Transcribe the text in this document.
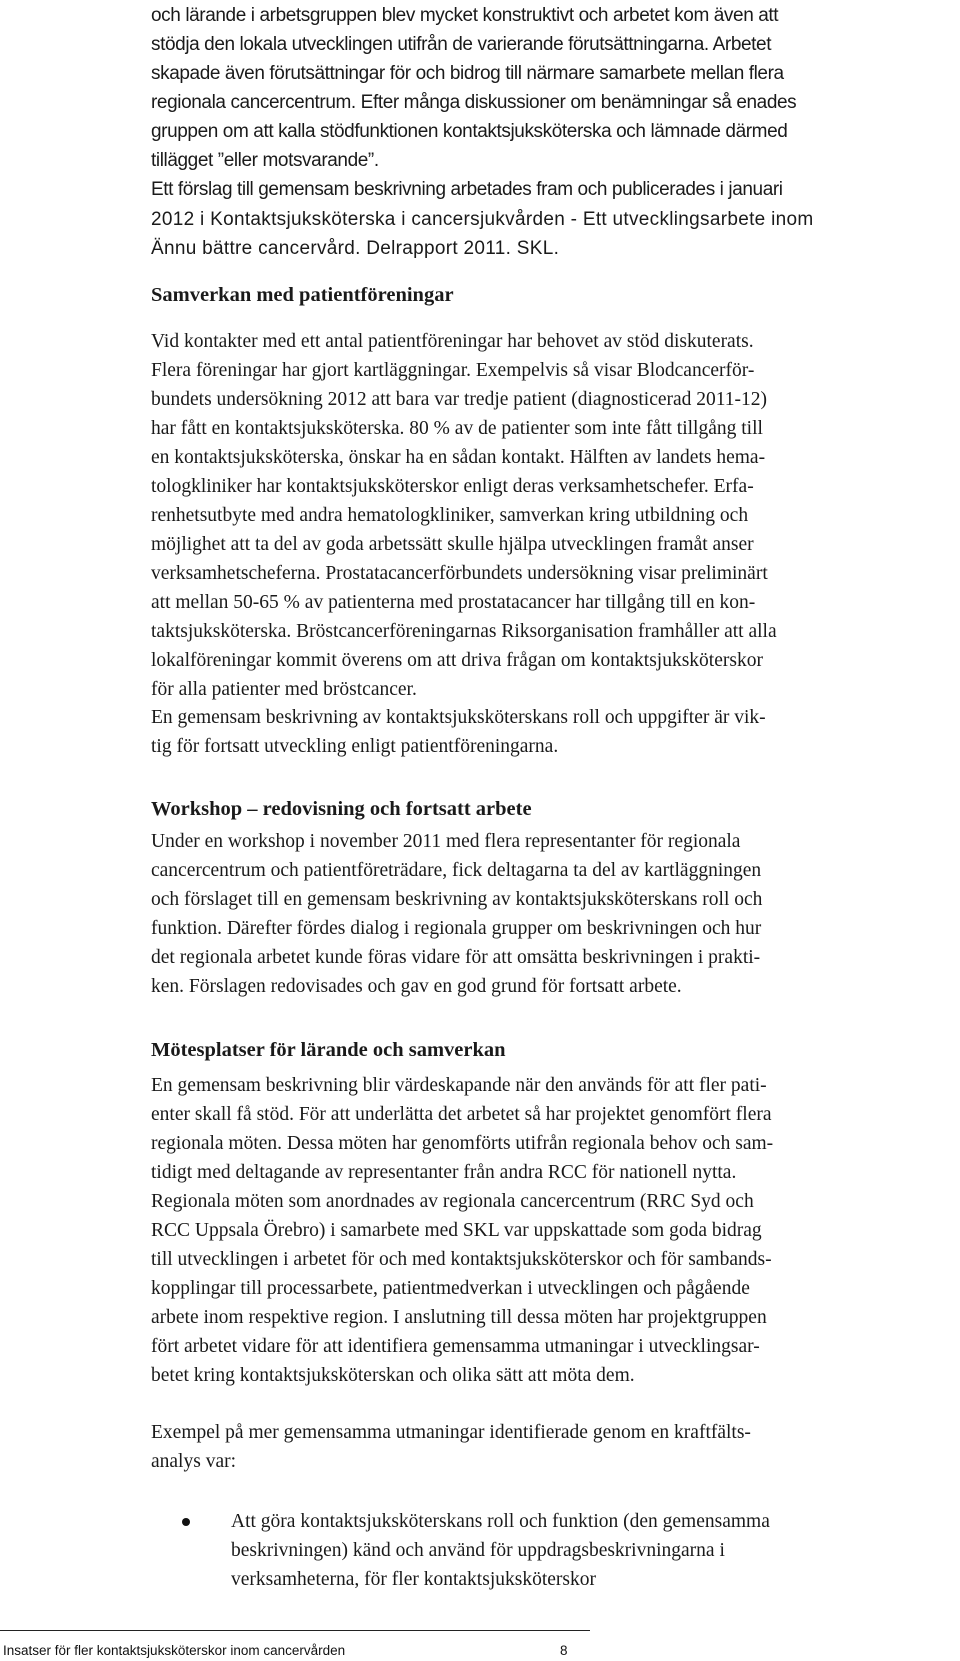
och lärande i arbetsgruppen blev mycket konstruktivt och arbetet kom även att

stödja den lokala utvecklingen utifrån de varierande förutsättningarna. Arbetet

skapade även förutsättningar för och bidrog till närmare samarbete mellan flera

regionala cancercentrum. Efter många diskussioner om benämningar så enades

gruppen om att kalla stödfunktionen kontaktsjuksköterska och lämnade därmed

tillägget ”eller motsvarande”.

Ett förslag till gemensam beskrivning arbetades fram och publicerades i januari

2012 i Kontaktsjuksköterska i cancersjukvården - Ett utvecklingsarbete inom

Ännu bättre cancervård. Delrapport 2011. SKL.

Samverkan med patientföreningar

Vid kontakter med ett antal patientföreningar har behovet av stöd diskuterats.

Flera föreningar har gjort kartläggningar. Exempelvis så visar Blodcancerför-

bundets undersökning 2012 att bara var tredje patient (diagnosticerad 2011-12)

har fått en kontaktsjuksköterska. 80 % av de patienter som inte fått tillgång till

en kontaktsjuksköterska, önskar ha en sådan kontakt. Hälften av landets hema-

tologkliniker har kontaktsjuksköterskor enligt deras verksamhetschefer. Erfa-

renhetsutbyte med andra hematologkliniker, samverkan kring utbildning och

möjlighet att ta del av goda arbetssätt skulle hjälpa utvecklingen framåt anser

verksamhetscheferna. Prostatacancerförbundets undersökning visar preliminärt

att mellan 50-65 % av patienterna med prostatacancer har tillgång till en kon-

taktsjuksköterska. Bröstcancerföreningarnas Riksorganisation framhåller att alla

lokalföreningar kommit överens om att driva frågan om kontaktsjuksköterskor

för alla patienter med bröstcancer.

En gemensam beskrivning av kontaktsjuksköterskans roll och uppgifter är vik-

tig för fortsatt utveckling enligt patientföreningarna.

Workshop – redovisning och fortsatt arbete

Under en workshop i november 2011 med flera representanter för regionala

cancercentrum och patientföreträdare, fick deltagarna ta del av kartläggningen

och förslaget till en gemensam beskrivning av kontaktsjuksköterskans roll och

funktion. Därefter fördes dialog i regionala grupper om beskrivningen och hur

det regionala arbetet kunde föras vidare för att omsätta beskrivningen i prakti-

ken. Förslagen redovisades och gav en god grund för fortsatt arbete.

Mötesplatser för lärande och samverkan

En gemensam beskrivning blir värdeskapande när den används för att fler pati-

enter skall få stöd. För att underlätta det arbetet så har projektet genomfört flera

regionala möten. Dessa möten har genomförts utifrån regionala behov och sam-

tidigt med deltagande av representanter från andra RCC för nationell nytta.

Regionala möten som anordnades av regionala cancercentrum (RRC Syd och

RCC Uppsala Örebro) i samarbete med SKL var uppskattade som goda bidrag

till utvecklingen i arbetet för och med kontaktsjuksköterskor och för sambands-

kopplingar till processarbete, patientmedverkan i utvecklingen och pågående

arbete inom respektive region. I anslutning till dessa möten har projektgruppen

fört arbetet vidare för att identifiera gemensamma utmaningar i utvecklingsar-

betet kring kontaktsjuksköterskan och olika sätt att möta dem.

Exempel på mer gemensamma utmaningar identifierade genom en kraftfälts-

analys var:

Att göra kontaktsjuksköterskans roll och funktion (den gemensamma
beskrivningen) känd och använd för uppdragsbeskrivningarna i
verksamheterna, för fler kontaktsjuksköterskor
Insatser för fler kontaktsjuksköterskor inom cancervården	8
